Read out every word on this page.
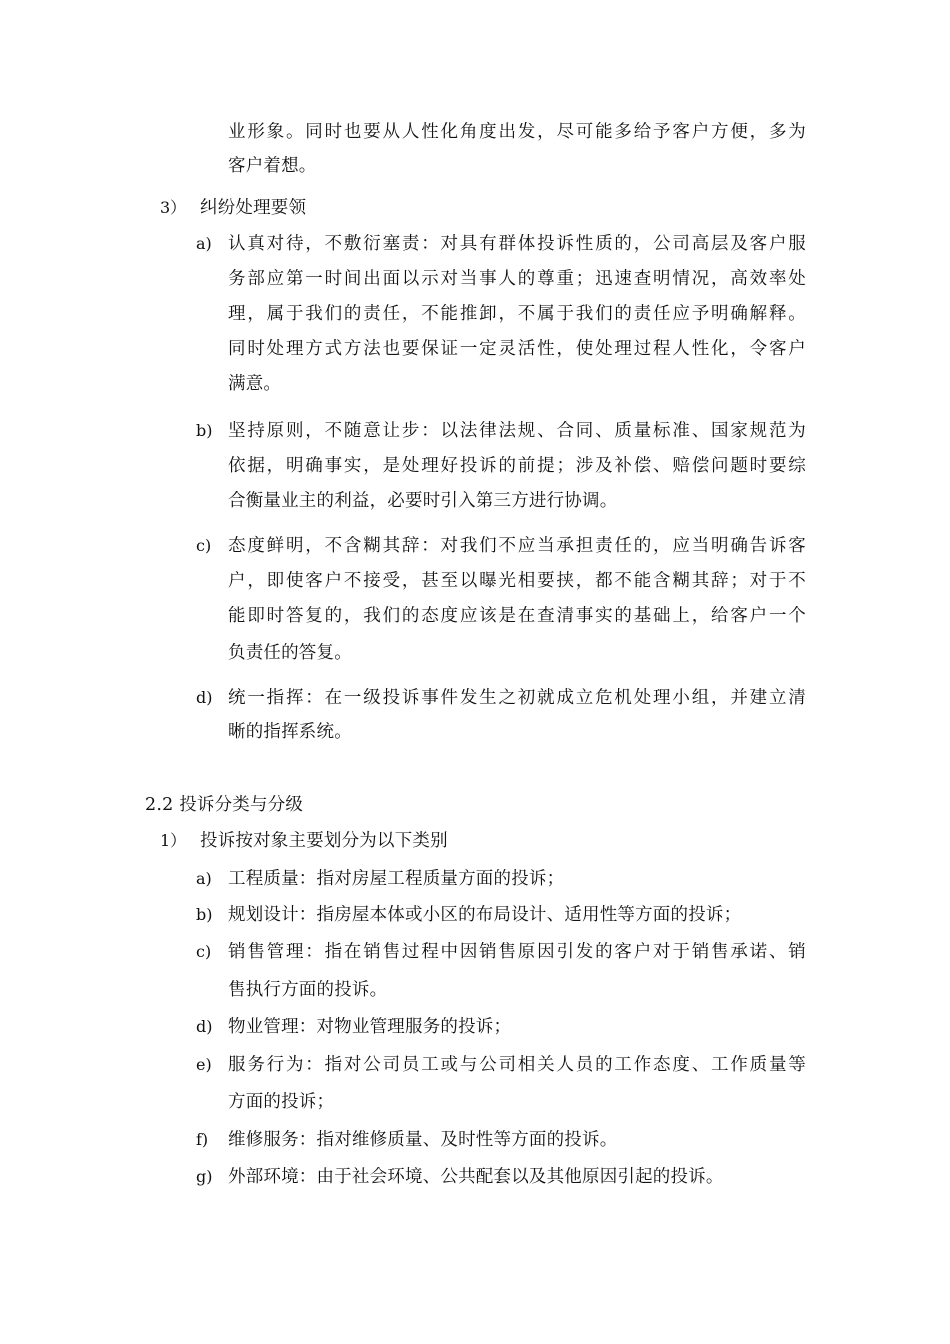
业形象。同时也要从人性化角度出发，尽可能多给予客户方便，多为
客户着想。
3） 纠纷处理要领
a) 认真对待，不敷衍塞责：对具有群体投诉性质的，公司高层及客户服
务部应第一时间出面以示对当事人的尊重；迅速查明情况，高效率处
理，属于我们的责任，不能推卸，不属于我们的责任应予明确解释。
同时处理方式方法也要保证一定灵活性，使处理过程人性化，令客户
满意。
b) 坚持原则，不随意让步：以法律法规、合同、质量标准、国家规范为
依据，明确事实，是处理好投诉的前提；涉及补偿、赔偿问题时要综
合衡量业主的利益，必要时引入第三方进行协调。
c) 态度鲜明，不含糊其辞：对我们不应当承担责任的，应当明确告诉客
户，即使客户不接受，甚至以曝光相要挟，都不能含糊其辞；对于不
能即时答复的，我们的态度应该是在查清事实的基础上，给客户一个
负责任的答复。
d) 统一指挥：在一级投诉事件发生之初就成立危机处理小组，并建立清
晰的指挥系统。
2.2 投诉分类与分级
1） 投诉按对象主要划分为以下类别
a) 工程质量：指对房屋工程质量方面的投诉；
b) 规划设计：指房屋本体或小区的布局设计、适用性等方面的投诉；
c) 销售管理：指在销售过程中因销售原因引发的客户对于销售承诺、销
售执行方面的投诉。
d) 物业管理：对物业管理服务的投诉；
e) 服务行为：指对公司员工或与公司相关人员的工作态度、工作质量等
方面的投诉；
f) 维修服务：指对维修质量、及时性等方面的投诉。
g) 外部环境：由于社会环境、公共配套以及其他原因引起的投诉。
